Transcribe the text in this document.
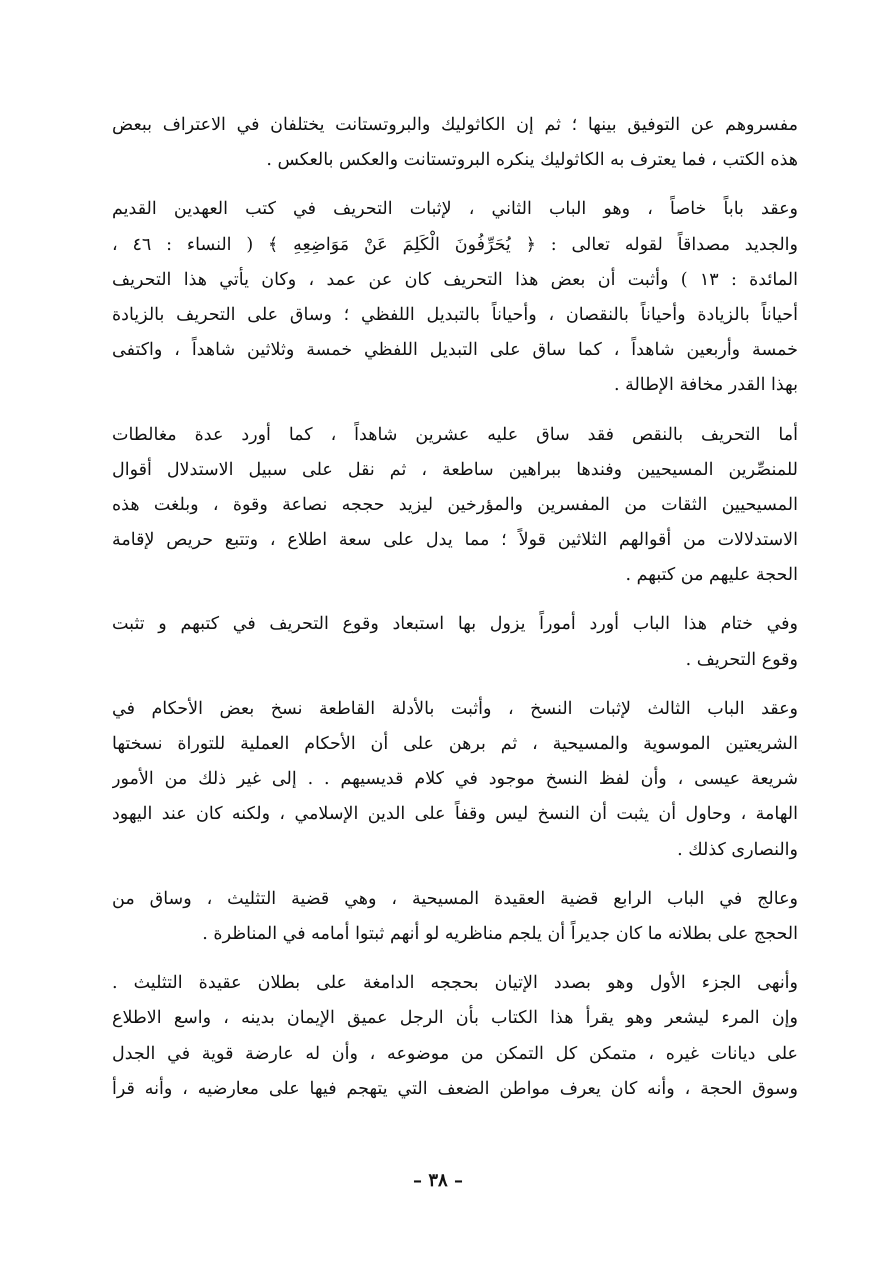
مفسروهم عن التوفيق بينها ؛ ثم إن الكاثوليك والبروتستانت يختلفان في الاعتراف ببعض
هذه الكتب ، فما يعترف به الكاثوليك ينكره البروتستانت والعكس بالعكس .
وعقد باباً خاصاً ، وهو الباب الثاني ، لإثبات التحريف في كتب العهدين القديم
والجديد مصداقاً لقوله تعالى : ﴿ يُحَرِّفُونَ الْكَلِمَ عَنْ مَوَاضِعِهِ ﴾ ( النساء : ٤٦ ،
المائدة : ١٣ ) وأثبت أن بعض هذا التحريف كان عن عمد ، وكان يأتي هذا التحريف
أحياناً بالزيادة وأحياناً بالنقصان ، وأحياناً بالتبديل اللفظي ؛ وساق على التحريف بالزيادة
خمسة وأربعين شاهداً ، كما ساق على التبديل اللفظي خمسة وثلاثين شاهداً ، واكتفى
بهذا القدر مخافة الإطالة .
أما التحريف بالنقص فقد ساق عليه عشرين شاهداً ، كما أورد عدة مغالطات
للمنصِّرين المسيحيين وفندها ببراهين ساطعة ، ثم نقل على سبيل الاستدلال أقوال
المسيحيين الثقات من المفسرين والمؤرخين ليزيد حججه نصاعة وقوة ، وبلغت هذه
الاستدلالات من أقوالهم الثلاثين قولاً ؛ مما يدل على سعة اطلاع ، وتتبع حريص لإقامة
الحجة عليهم من كتبهم .
وفي ختام هذا الباب أورد أموراً يزول بها استبعاد وقوع التحريف في كتبهم و تثبت
وقوع التحريف .
وعقد الباب الثالث لإثبات النسخ ، وأثبت بالأدلة القاطعة نسخ بعض الأحكام في
الشريعتين الموسوية والمسيحية ، ثم برهن على أن الأحكام العملية للتوراة نسختها
شريعة عيسى ، وأن لفظ النسخ موجود في كلام قديسيهم . . إلى غير ذلك من الأمور
الهامة ، وحاول أن يثبت أن النسخ ليس وقفاً على الدين الإسلامي ، ولكنه كان عند اليهود
والنصارى كذلك .
وعالج في الباب الرابع قضية العقيدة المسيحية ، وهي قضية التثليث ، وساق من
الحجج على بطلانه ما كان جديراً أن يلجم مناظريه لو أنهم ثبتوا أمامه في المناظرة .
وأنهى الجزء الأول وهو بصدد الإتيان بحججه الدامغة على بطلان عقيدة التثليث .
وإن المرء ليشعر وهو يقرأ هذا الكتاب بأن الرجل عميق الإيمان بدينه ، واسع الاطلاع
على ديانات غيره ، متمكن كل التمكن من موضوعه ، وأن له عارضة قوية في الجدل
وسوق الحجة ، وأنه كان يعرف مواطن الضعف التي يتهجم فيها على معارضيه ، وأنه قرأ
– ٣٨ –
